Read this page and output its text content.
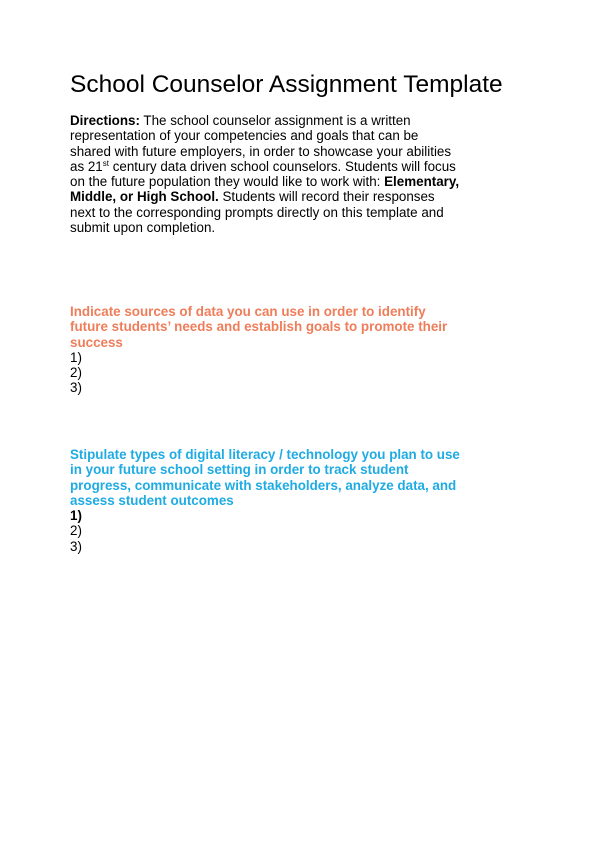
School Counselor Assignment Template
Directions: The school counselor assignment is a written
representation of your competencies and goals that can be
shared with future employers, in order to showcase your abilities
as 21st century data driven school counselors. Students will focus
on the future population they would like to work with: Elementary,
Middle, or High School. Students will record their responses
next to the corresponding prompts directly on this template and
submit upon completion.
Indicate sources of data you can use in order to identify
future students’ needs and establish goals to promote their
success
1)
2)
3)
Stipulate types of digital literacy / technology you plan to use
in your future school setting in order to track student
progress, communicate with stakeholders, analyze data, and
assess student outcomes
1)
2)
3)
